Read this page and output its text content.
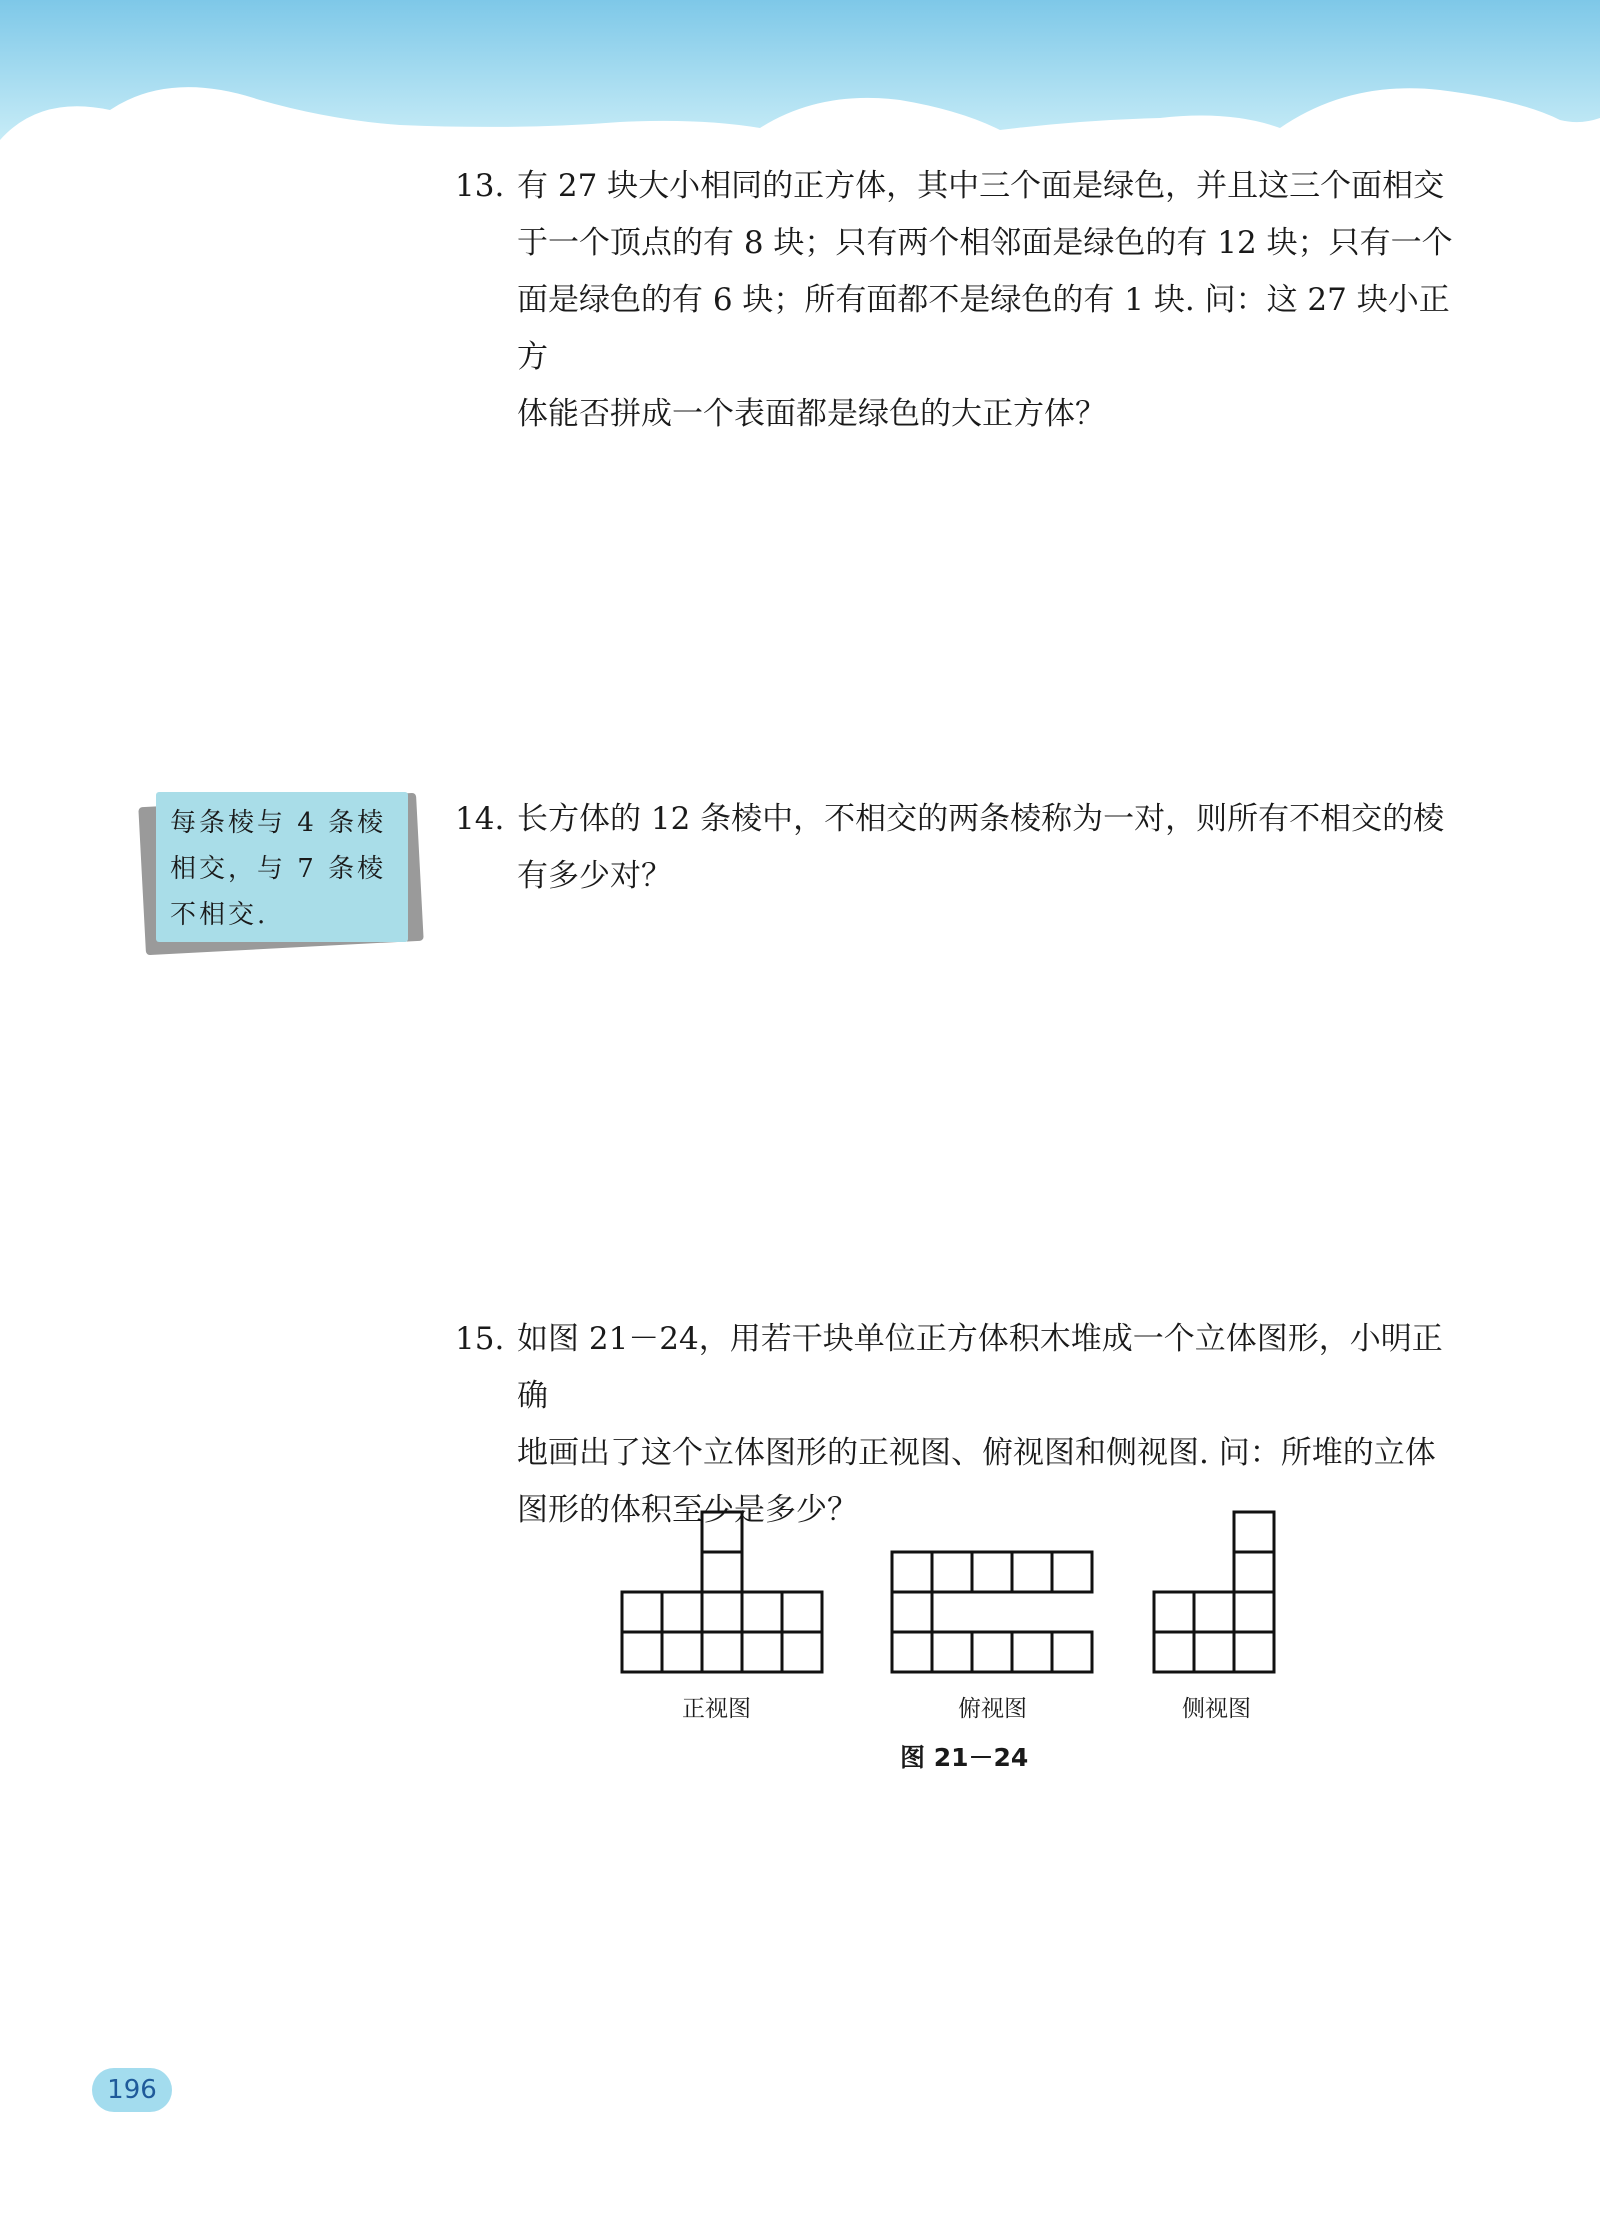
13. 有 27 块大小相同的正方体，其中三个面是绿色，并且这三个面相交
于一个顶点的有 8 块；只有两个相邻面是绿色的有 12 块；只有一个
面是绿色的有 6 块；所有面都不是绿色的有 1 块. 问：这 27 块小正方
体能否拼成一个表面都是绿色的大正方体？
每条棱与 4 条棱
相交，与 7 条棱
不相交.
14. 长方体的 12 条棱中，不相交的两条棱称为一对，则所有不相交的棱
有多少对？
15. 如图 21－24，用若干块单位正方体积木堆成一个立体图形，小明正确
地画出了这个立体图形的正视图、俯视图和侧视图. 问：所堆的立体
图形的体积至少是多少？
正视图	俯视图	侧视图
图 21－24
196
